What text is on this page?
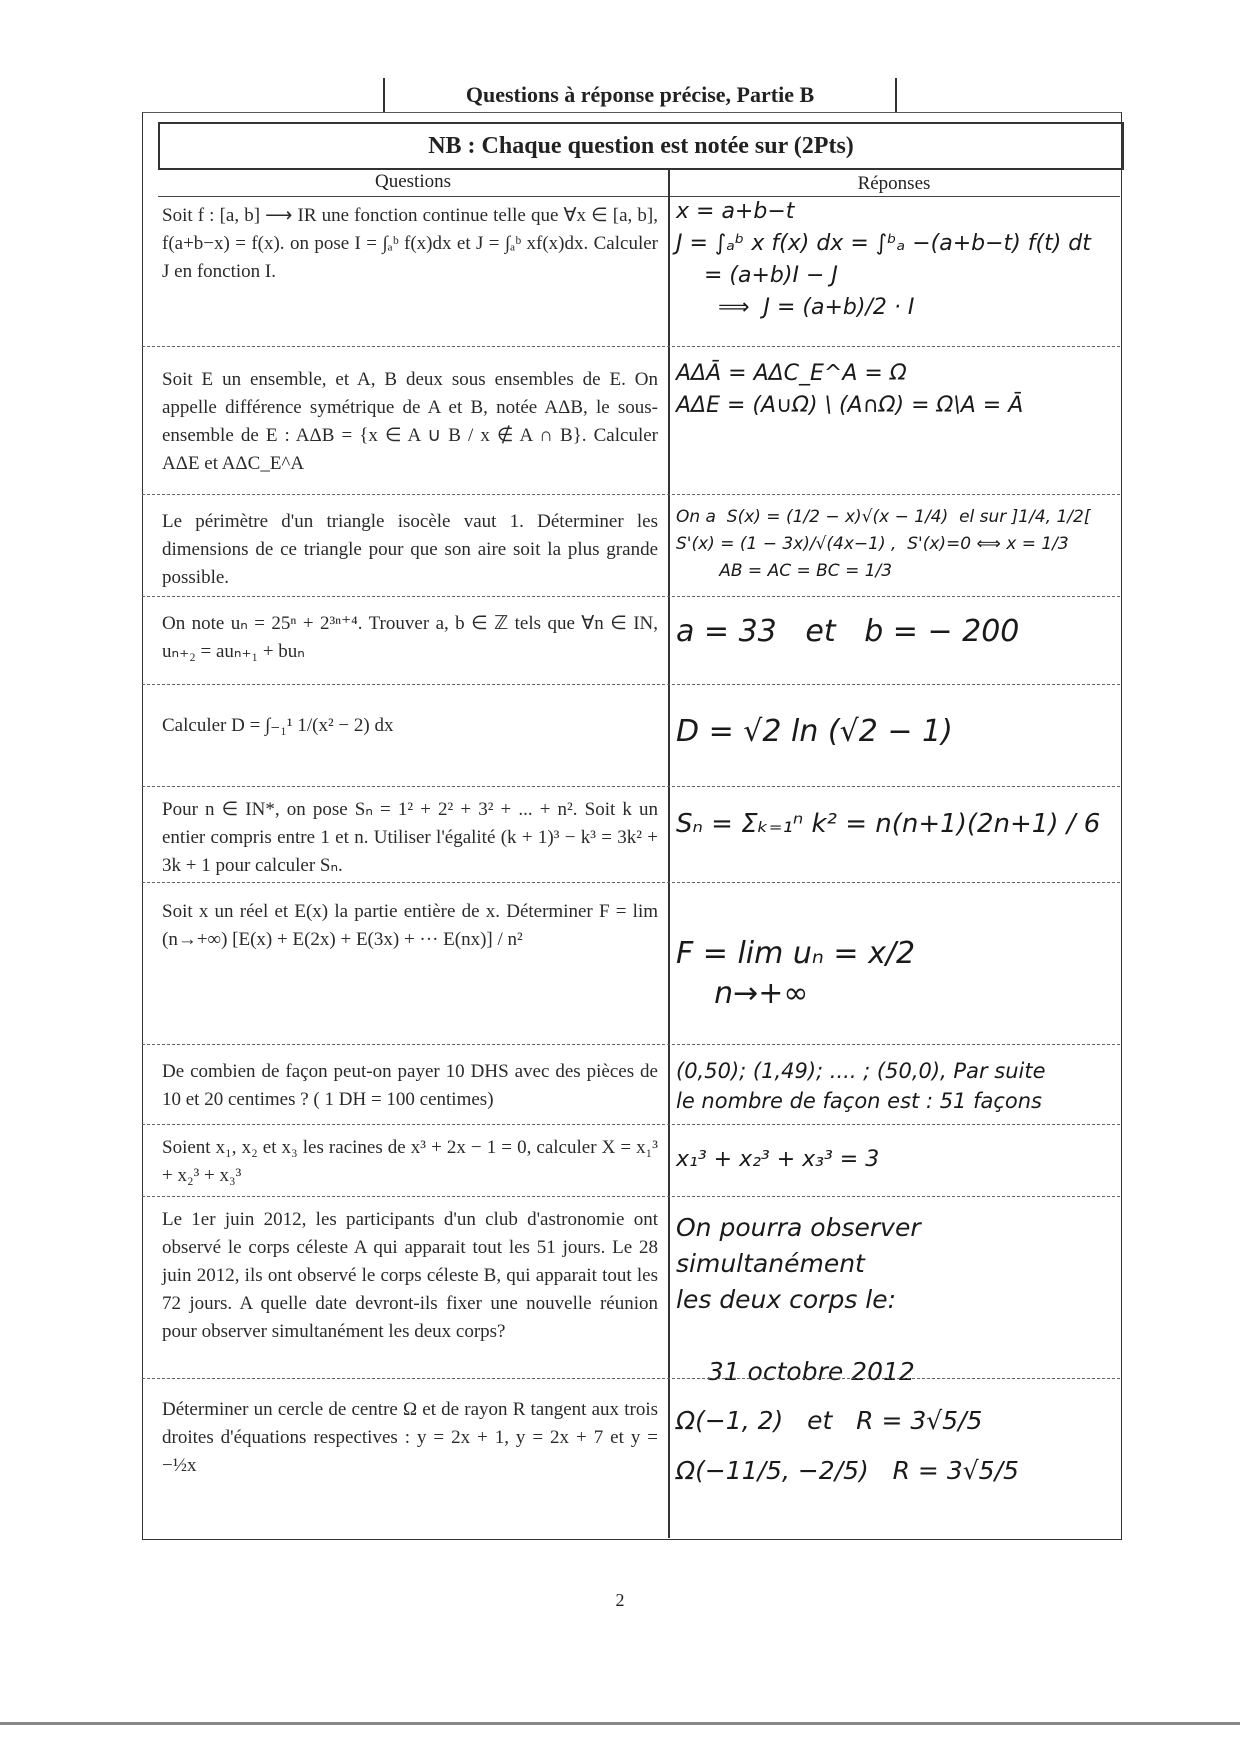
Questions à réponse précise, Partie B
NB : Chaque question est notée sur (2Pts)
Questions	Réponses
Soit f : [a, b] ⟶ IR une fonction continue telle que ∀x ∈ [a, b], f(a+b−x) = f(x). on pose I = ∫ₐᵇ f(x)dx et J = ∫ₐᵇ xf(x)dx. Calculer J en fonction I.
x = a+b−t
J = ∫ₐᵇ x f(x) dx = ∫ᵇₐ −(a+b−t) f(t) dt
= (a+b)I − J
⟹  J = (a+b)/2 · I
Soit E un ensemble, et A, B deux sous ensembles de E. On appelle différence symétrique de A et B, notée AΔB, le sous-ensemble de E : AΔB = {x ∈ A ∪ B / x ∉ A ∩ B}. Calculer AΔE et AΔC_E^A
AΔĀ = AΔC_E^A = Ω
AΔE = (A∪Ω) \ (A∩Ω) = Ω\A = Ā
Le périmètre d'un triangle isocèle vaut 1. Déterminer les dimensions de ce triangle pour que son aire soit la plus grande possible.
On a  S(x) = (1/2 − x)√(x − 1/4)  el sur ]1/4, 1/2[
S'(x) = (1 − 3x)/√(4x−1) ,  S'(x)=0 ⟺ x = 1/3
AB = AC = BC = 1/3
On note uₙ = 25ⁿ + 2³ⁿ⁺⁴. Trouver a, b ∈ ℤ tels que ∀n ∈ IN, uₙ₊₂ = auₙ₊₁ + buₙ
a = 33   et   b = − 200
Calculer D = ∫₋₁¹ 1/(x² − 2) dx	D = √2 ln (√2 − 1)
Pour n ∈ IN*, on pose Sₙ = 1² + 2² + 3² + ... + n². Soit k un entier compris entre 1 et n. Utiliser l'égalité (k + 1)³ − k³ = 3k² + 3k + 1 pour calculer Sₙ.
Sₙ = Σₖ₌₁ⁿ k² = n(n+1)(2n+1) / 6
Soit x un réel et E(x) la partie entière de x. Déterminer F = lim (n→+∞) [E(x) + E(2x) + E(3x) + ··· E(nx)] / n²	F = lim uₙ = x/2
n→+∞
De combien de façon peut-on payer 10 DHS avec des pièces de 10 et 20 centimes ? ( 1 DH = 100 centimes)
(0,50); (1,49); .... ; (50,0), Par suite
le nombre de façon est : 51 façons
Soient x₁, x₂ et x₃ les racines de x³ + 2x − 1 = 0, calculer X = x₁³ + x₂³ + x₃³
x₁³ + x₂³ + x₃³ = 3
Le 1er juin 2012, les participants d'un club d'astronomie ont observé le corps céleste A qui apparait tout les 51 jours. Le 28 juin 2012, ils ont observé le corps céleste B, qui apparait tout les 72 jours. A quelle date devront-ils fixer une nouvelle réunion pour observer simultanément les deux corps?
On pourra observer simultanément
les deux corps le:

31 octobre 2012
Déterminer un cercle de centre Ω et de rayon R tangent aux trois droites d'équations respectives : y = 2x + 1, y = 2x + 7 et y = −½x
Ω(−1, 2)   et   R = 3√5/5
Ω(−11/5, −2/5)   R = 3√5/5
2
